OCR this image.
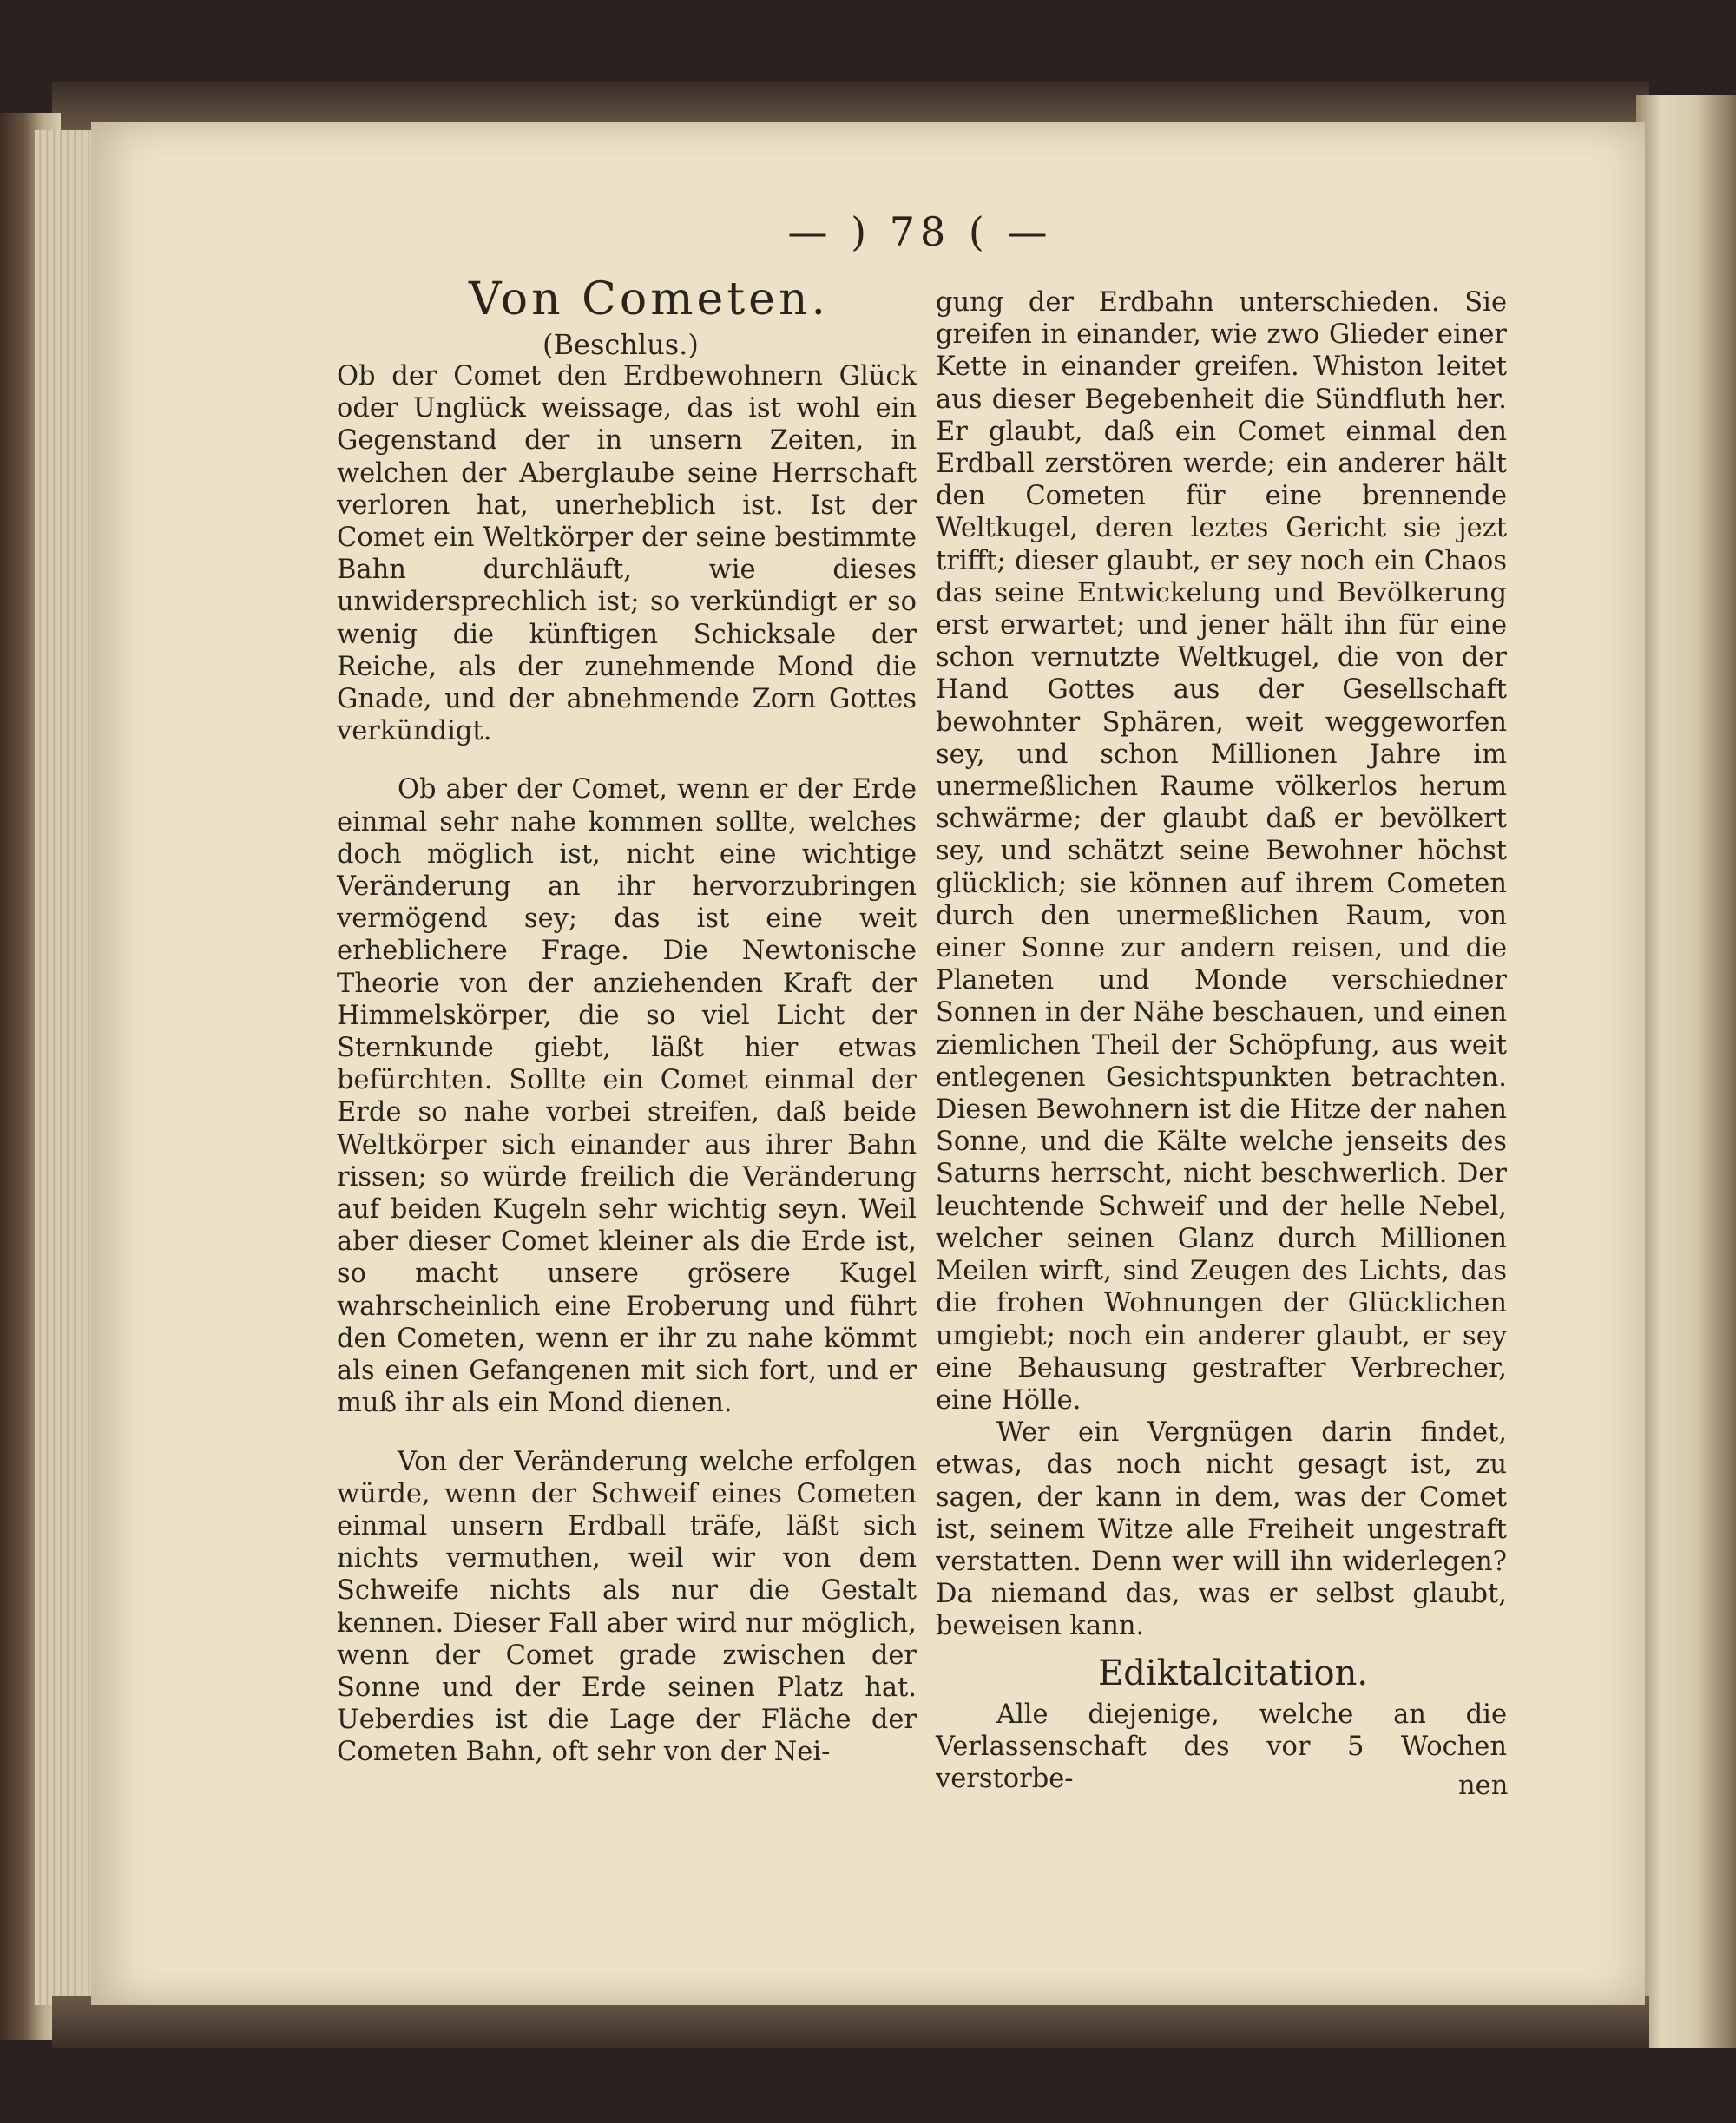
— ) 78 ( —
Von Cometen.
(Beschlus.)

Ob der Comet den Erdbewohnern Glück oder Unglück weissage, das ist wohl ein Gegenstand der in unsern Zeiten, in welchen der Aberglaube seine Herrschaft verloren hat, unerheblich ist. Ist der Comet ein Weltkörper der seine bestimmte Bahn durchläuft, wie dieses unwidersprechlich ist; so verkündigt er so wenig die künftigen Schicksale der Reiche, als der zunehmende Mond die Gnade, und der abnehmende Zorn Gottes verkündigt.

Ob aber der Comet, wenn er der Erde einmal sehr nahe kommen sollte, welches doch möglich ist, nicht eine wichtige Veränderung an ihr hervorzubringen vermögend sey; das ist eine weit erheblichere Frage. Die Newtonische Theorie von der anziehenden Kraft der Himmelskörper, die so viel Licht der Sternkunde giebt, läßt hier etwas befürchten. Sollte ein Comet einmal der Erde so nahe vorbei streifen, daß beide Weltkörper sich einander aus ihrer Bahn rissen; so würde freilich die Veränderung auf beiden Kugeln sehr wichtig seyn. Weil aber dieser Comet kleiner als die Erde ist, so macht unsere grösere Kugel wahrscheinlich eine Eroberung und führt den Cometen, wenn er ihr zu nahe kömmt als einen Gefangenen mit sich fort, und er muß ihr als ein Mond dienen.

Von der Veränderung welche erfolgen würde, wenn der Schweif eines Cometen einmal unsern Erdball träfe, läßt sich nichts vermuthen, weil wir von dem Schweife nichts als nur die Gestalt kennen. Dieser Fall aber wird nur möglich, wenn der Comet grade zwischen der Sonne und der Erde seinen Platz hat. Ueberdies ist die Lage der Fläche der Cometen Bahn, oft sehr von der Nei-

gung der Erdbahn unterschieden. Sie greifen in einander, wie zwo Glieder einer Kette in einander greifen. Whiston leitet aus dieser Begebenheit die Sündfluth her. Er glaubt, daß ein Comet einmal den Erdball zerstören werde; ein anderer hält den Cometen für eine brennende Weltkugel, deren leztes Gericht sie jezt trifft; dieser glaubt, er sey noch ein Chaos das seine Entwickelung und Bevölkerung erst erwartet; und jener hält ihn für eine schon vernutzte Weltkugel, die von der Hand Gottes aus der Gesellschaft bewohnter Sphären, weit weggeworfen sey, und schon Millionen Jahre im unermeßlichen Raume völkerlos herum schwärme; der glaubt daß er bevölkert sey, und schätzt seine Bewohner höchst glücklich; sie können auf ihrem Cometen durch den unermeßlichen Raum, von einer Sonne zur andern reisen, und die Planeten und Monde verschiedner Sonnen in der Nähe beschauen, und einen ziemlichen Theil der Schöpfung, aus weit entlegenen Gesichtspunkten betrachten. Diesen Bewohnern ist die Hitze der nahen Sonne, und die Kälte welche jenseits des Saturns herrscht, nicht beschwerlich. Der leuchtende Schweif und der helle Nebel, welcher seinen Glanz durch Millionen Meilen wirft, sind Zeugen des Lichts, das die frohen Wohnungen der Glücklichen umgiebt; noch ein anderer glaubt, er sey eine Behausung gestrafter Verbrecher, eine Hölle.

Wer ein Vergnügen darin findet, etwas, das noch nicht gesagt ist, zu sagen, der kann in dem, was der Comet ist, seinem Witze alle Freiheit ungestraft verstatten. Denn wer will ihn widerlegen? Da niemand das, was er selbst glaubt, beweisen kann.

Ediktalcitation.

Alle diejenige, welche an die Verlassenschaft des vor 5 Wochen verstorbe-	nen
